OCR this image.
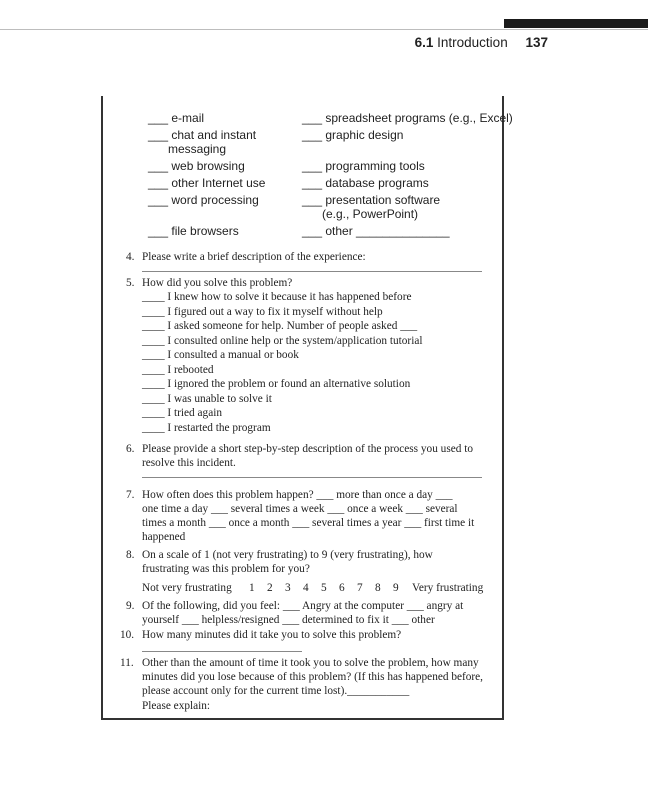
6.1 Introduction 137
___ e-mail
___ chat and instant
messaging
___ web browsing
___ other Internet use
___ word processing
___ file browsers
___ spreadsheet programs (e.g., Excel)
___ graphic design
___ programming tools
___ database programs
___ presentation software
(e.g., PowerPoint)
___ other ______________
4. Please write a brief description of the experience:
5. How did you solve this problem?
____ I knew how to solve it because it has happened before
____ I figured out a way to fix it myself without help
____ I asked someone for help. Number of people asked ___
____ I consulted online help or the system/application tutorial
____ I consulted a manual or book
____ I rebooted
____ I ignored the problem or found an alternative solution
____ I was unable to solve it
____ I tried again
____ I restarted the program
6. Please provide a short step-by-step description of the process you used to
resolve this incident.
7. How often does this problem happen? ___ more than once a day ___
one time a day ___ several times a week ___ once a week ___ several
times a month ___ once a month ___ several times a year ___ first time it
happened
8. On a scale of 1 (not very frustrating) to 9 (very frustrating), how
frustrating was this problem for you?
Not very frustrating 1 2 3 4 5 6 7 8 9	Very frustrating
9. Of the following, did you feel: ___ Angry at the computer ___ angry at
yourself ___ helpless/resigned ___ determined to fix it ___ other
10. How many minutes did it take you to solve this problem?
11. Other than the amount of time it took you to solve the problem, how many
minutes did you lose because of this problem? (If this has happened before,
please account only for the current time lost).___________
Please explain:
